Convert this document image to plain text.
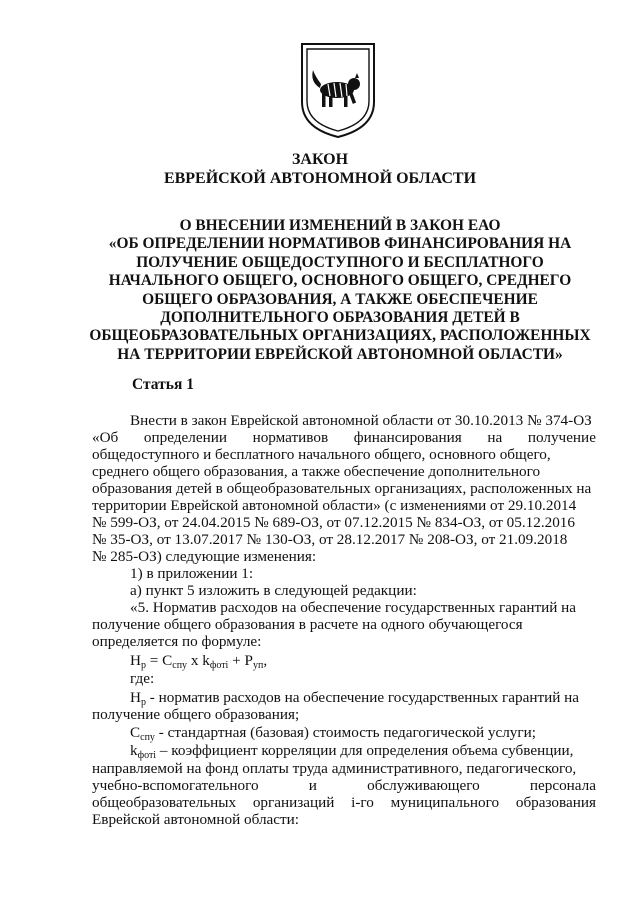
ЗАКОН
ЕВРЕЙСКОЙ АВТОНОМНОЙ ОБЛАСТИ
О ВНЕСЕНИИ ИЗМЕНЕНИЙ В ЗАКОН ЕАО
«ОБ ОПРЕДЕЛЕНИИ НОРМАТИВОВ ФИНАНСИРОВАНИЯ НА
ПОЛУЧЕНИЕ ОБЩЕДОСТУПНОГО И БЕСПЛАТНОГО
НАЧАЛЬНОГО ОБЩЕГО, ОСНОВНОГО ОБЩЕГО, СРЕДНЕГО
ОБЩЕГО ОБРАЗОВАНИЯ, А ТАКЖЕ ОБЕСПЕЧЕНИЕ
ДОПОЛНИТЕЛЬНОГО ОБРАЗОВАНИЯ ДЕТЕЙ В
ОБЩЕОБРАЗОВАТЕЛЬНЫХ ОРГАНИЗАЦИЯХ, РАСПОЛОЖЕННЫХ
НА ТЕРРИТОРИИ ЕВРЕЙСКОЙ АВТОНОМНОЙ ОБЛАСТИ»
Статья 1
Внести в закон Еврейской автономной области от 30.10.2013 № 374-ОЗ
«Об определении нормативов финансирования на получение
общедоступного и бесплатного начального общего, основного общего,
среднего общего образования, а также обеспечение дополнительного
образования детей в общеобразовательных организациях, расположенных на
территории Еврейской автономной области» (с изменениями от 29.10.2014
№ 599-ОЗ, от 24.04.2015 № 689-ОЗ, от 07.12.2015 № 834-ОЗ, от 05.12.2016
№ 35-ОЗ, от 13.07.2017 № 130-ОЗ, от 28.12.2017 № 208-ОЗ, от 21.09.2018
№ 285-ОЗ) следующие изменения:
1) в приложении 1:
а) пункт 5 изложить в следующей редакции:
«5. Норматив расходов на обеспечение государственных гарантий на
получение общего образования в расчете на одного обучающегося
определяется по формуле:
$Н_р = С_{спу}$ x $k_{фотi} + Р_{уп}$,
где:
$Н_р$ - норматив расходов на обеспечение государственных гарантий на
получение общего образования;
$С_{спу}$ - стандартная (базовая) стоимость педагогической услуги;
$k_{фотi}$ – коэффициент корреляции для определения объема субвенции,
направляемой на фонд оплаты труда административного, педагогического,
учебно-вспомогательного	и	обслуживающего	персонала
общеобразовательных организаций i-го муниципального образования
Еврейской автономной области:
